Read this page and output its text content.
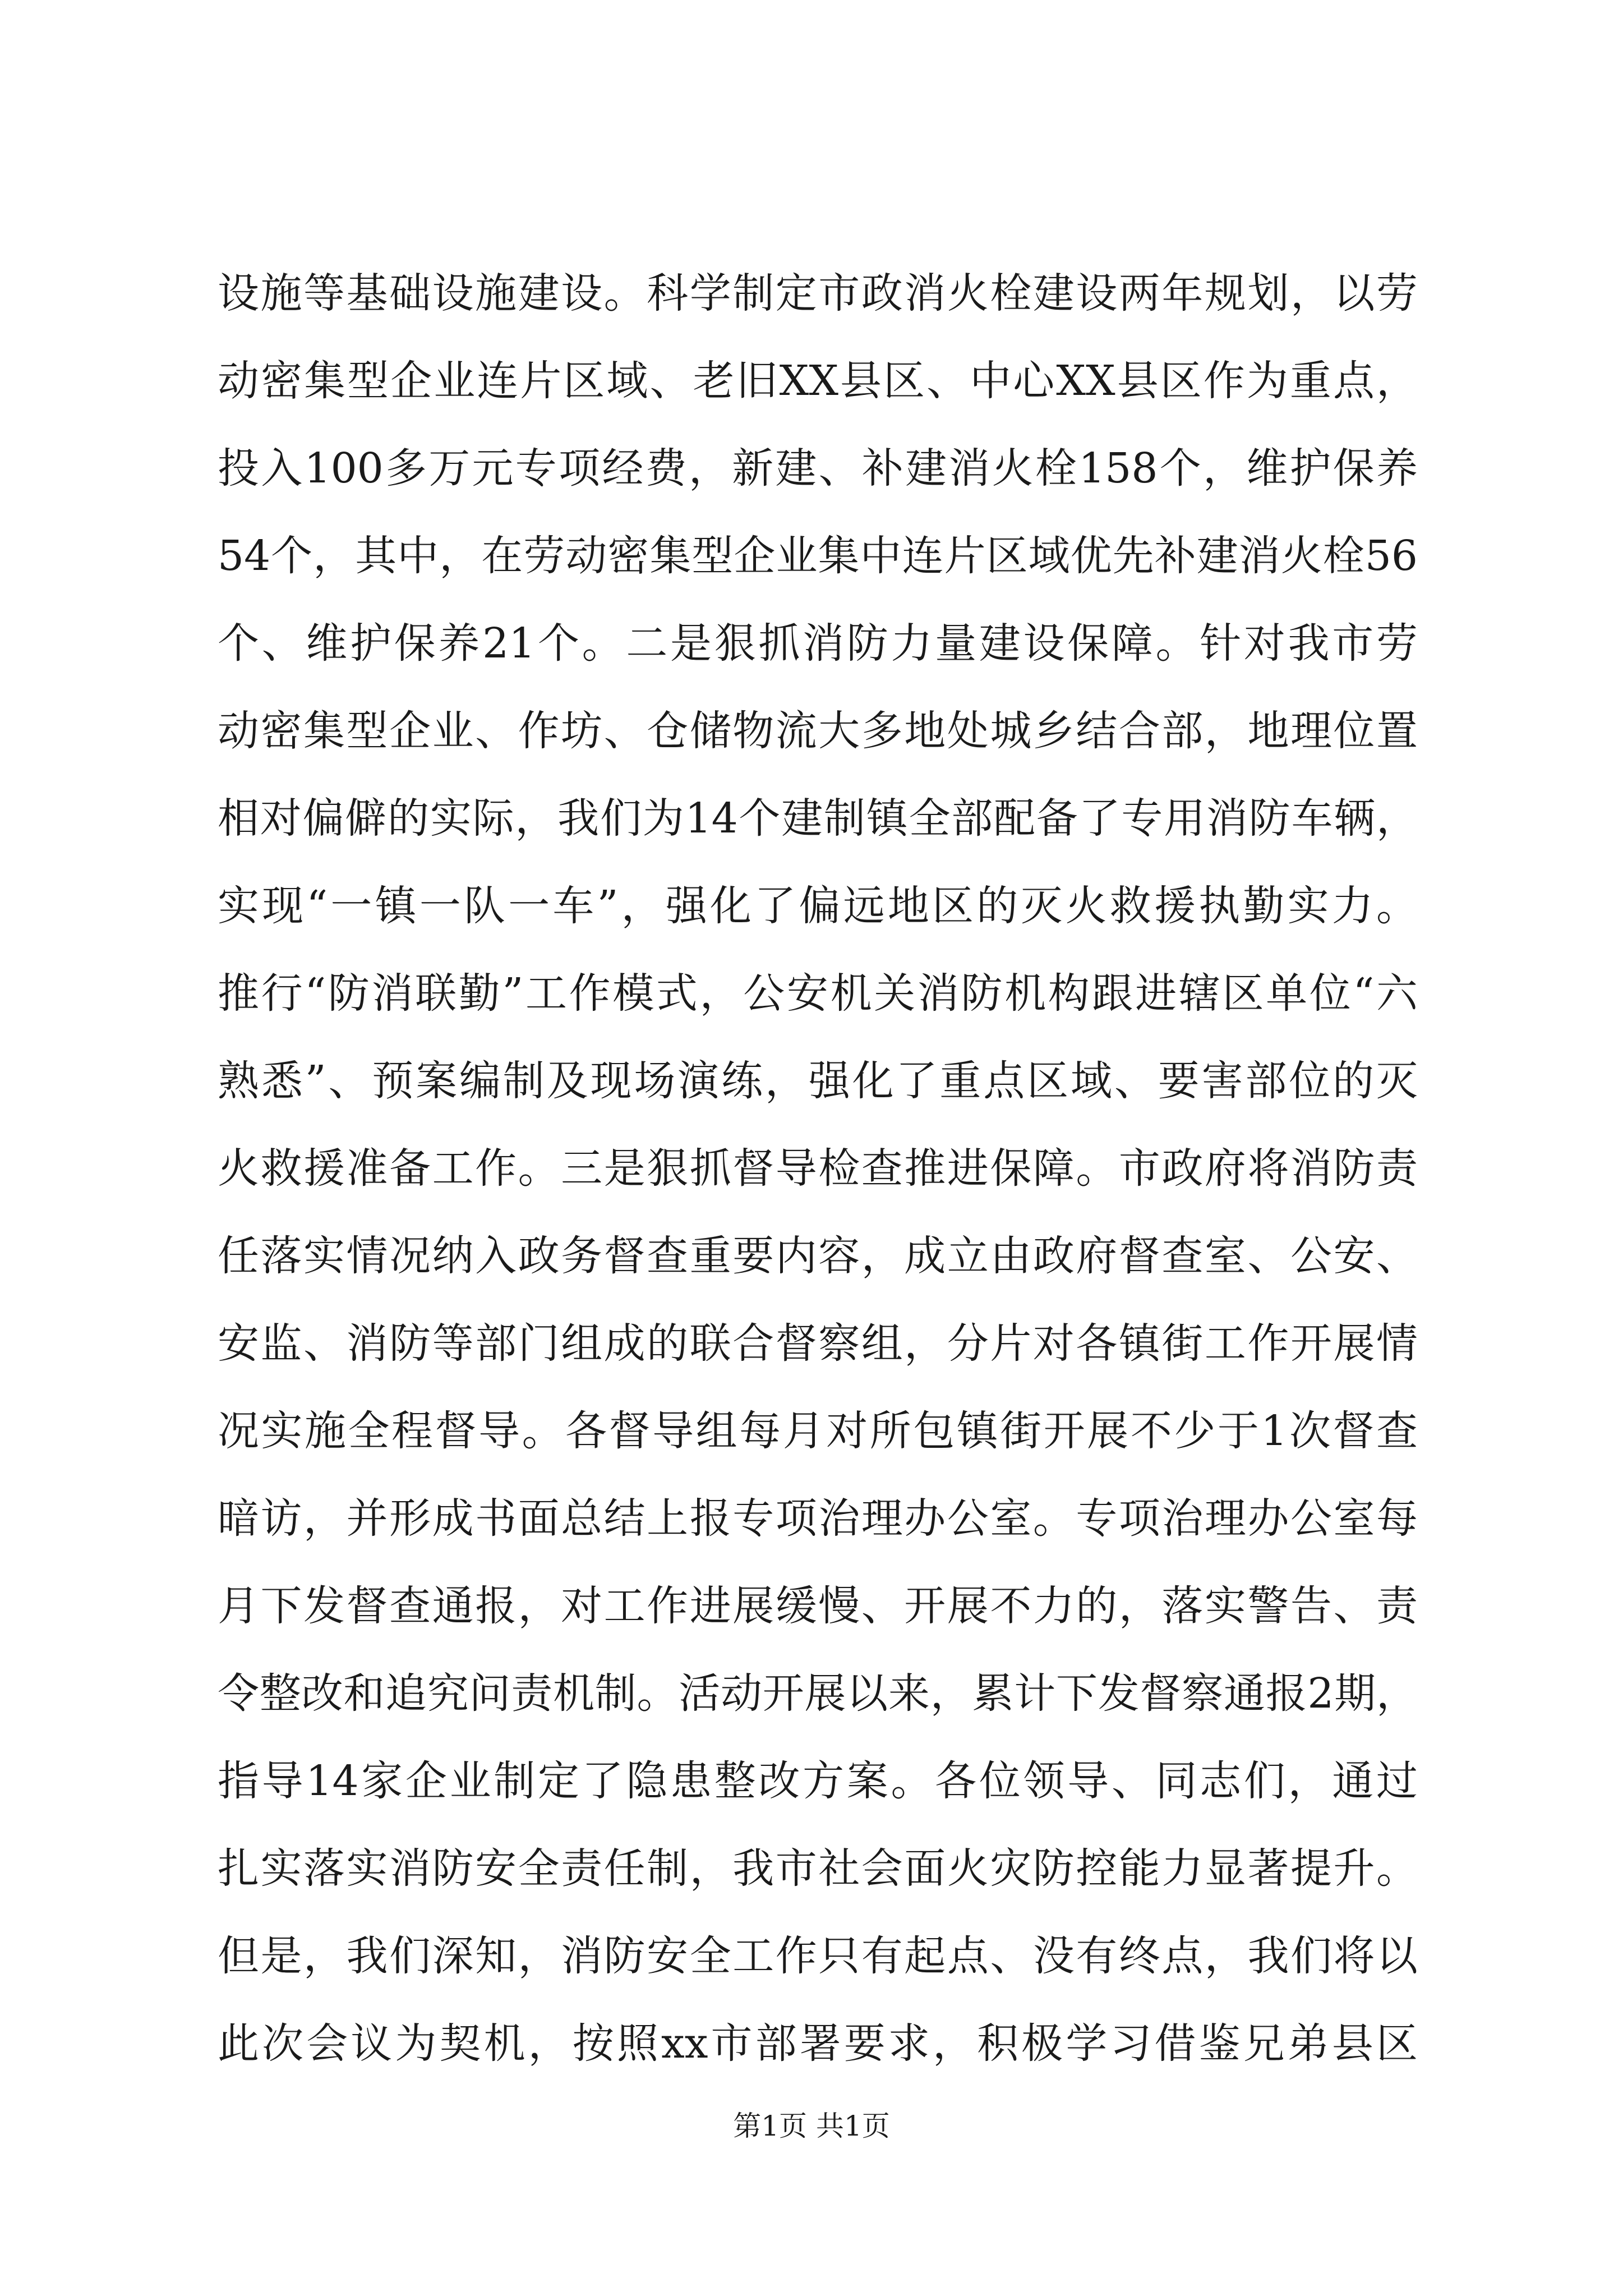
设施等基础设施建设。科学制定市政消火栓建设两年规划，以劳
动密集型企业连片区域、老旧XX县区、中心XX县区作为重点，
投入100多万元专项经费，新建、补建消火栓158个，维护保养
54个，其中，在劳动密集型企业集中连片区域优先补建消火栓56
个、维护保养21个。二是狠抓消防力量建设保障。针对我市劳
动密集型企业、作坊、仓储物流大多地处城乡结合部，地理位置
相对偏僻的实际，我们为14个建制镇全部配备了专用消防车辆，
实现“一镇一队一车”，强化了偏远地区的灭火救援执勤实力。
推行“防消联勤”工作模式，公安机关消防机构跟进辖区单位“六
熟悉”、预案编制及现场演练，强化了重点区域、要害部位的灭
火救援准备工作。三是狠抓督导检查推进保障。市政府将消防责
任落实情况纳入政务督查重要内容，成立由政府督查室、公安、
安监、消防等部门组成的联合督察组，分片对各镇街工作开展情
况实施全程督导。各督导组每月对所包镇街开展不少于1次督查
暗访，并形成书面总结上报专项治理办公室。专项治理办公室每
月下发督查通报，对工作进展缓慢、开展不力的，落实警告、责
令整改和追究问责机制。活动开展以来，累计下发督察通报2期，
指导14家企业制定了隐患整改方案。各位领导、同志们，通过
扎实落实消防安全责任制，我市社会面火灾防控能力显著提升。
但是，我们深知，消防安全工作只有起点、没有终点，我们将以
此次会议为契机，按照xx市部署要求，积极学习借鉴兄弟县区
第1页 共1页
